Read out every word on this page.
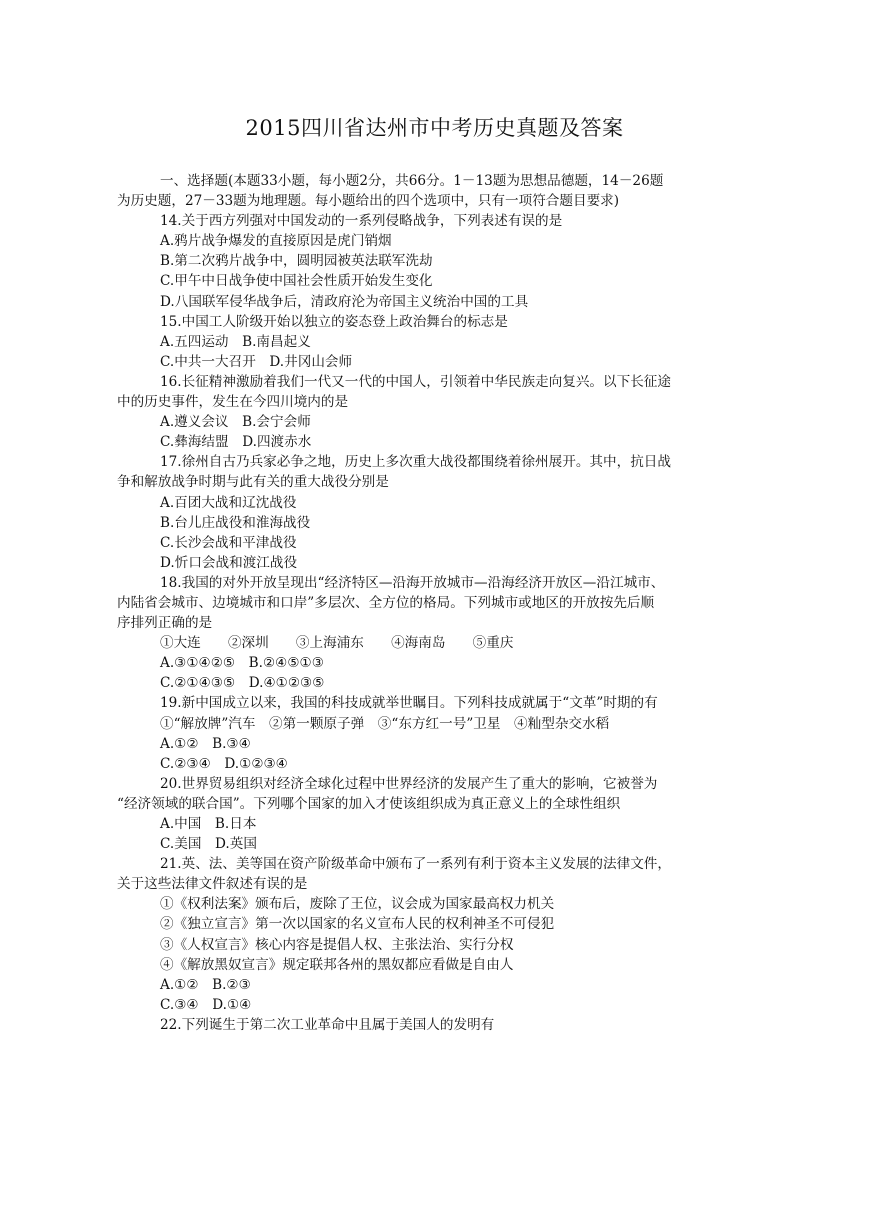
2015四川省达州市中考历史真题及答案
一、选择题(本题33小题，每小题2分，共66分。1－13题为思想品德题，14－26题
为历史题，27－33题为地理题。每小题给出的四个选项中，只有一项符合题目要求)
14.关于西方列强对中国发动的一系列侵略战争，下列表述有误的是
A.鸦片战争爆发的直接原因是虎门销烟
B.第二次鸦片战争中，圆明园被英法联军洗劫
C.甲午中日战争使中国社会性质开始发生变化
D.八国联军侵华战争后，清政府沦为帝国主义统治中国的工具
15.中国工人阶级开始以独立的姿态登上政治舞台的标志是
A.五四运动　B.南昌起义
C.中共一大召开　D.井冈山会师
16.长征精神激励着我们一代又一代的中国人，引领着中华民族走向复兴。以下长征途
中的历史事件，发生在今四川境内的是
A.遵义会议　B.会宁会师
C.彝海结盟　D.四渡赤水
17.徐州自古乃兵家必争之地，历史上多次重大战役都围绕着徐州展开。其中，抗日战
争和解放战争时期与此有关的重大战役分别是
A.百团大战和辽沈战役
B.台儿庄战役和淮海战役
C.长沙会战和平津战役
D.忻口会战和渡江战役
18.我国的对外开放呈现出“经济特区—沿海开放城市—沿海经济开放区—沿江城市、
内陆省会城市、边境城市和口岸”多层次、全方位的格局。下列城市或地区的开放按先后顺
序排列正确的是
①大连　　②深圳　　③上海浦东　　④海南岛　　⑤重庆
A.③①④②⑤　B.②④⑤①③
C.②①④③⑤　D.④①②③⑤
19.新中国成立以来，我国的科技成就举世瞩目。下列科技成就属于“文革”时期的有
①“解放牌”汽车　②第一颗原子弹　③“东方红一号”卫星　④籼型杂交水稻
A.①②　B.③④
C.②③④　D.①②③④
20.世界贸易组织对经济全球化过程中世界经济的发展产生了重大的影响，它被誉为
“经济领域的联合国”。下列哪个国家的加入才使该组织成为真正意义上的全球性组织
A.中国　B.日本
C.美国　D.英国
21.英、法、美等国在资产阶级革命中颁布了一系列有利于资本主义发展的法律文件，
关于这些法律文件叙述有误的是
①《权利法案》颁布后，废除了王位，议会成为国家最高权力机关
②《独立宣言》第一次以国家的名义宣布人民的权利神圣不可侵犯
③《人权宣言》核心内容是提倡人权、主张法治、实行分权
④《解放黑奴宣言》规定联邦各州的黑奴都应看做是自由人
A.①②　B.②③
C.③④　D.①④
22.下列诞生于第二次工业革命中且属于美国人的发明有
